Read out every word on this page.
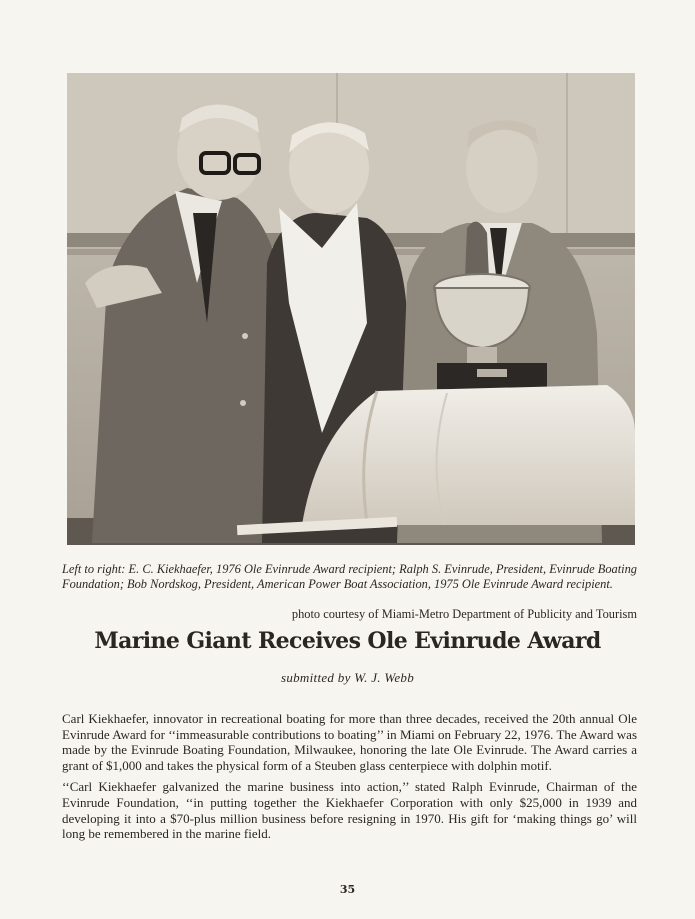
Left to right: E. C. Kiekhaefer, 1976 Ole Evinrude Award recipient; Ralph S. Evinrude, President, Evinrude Boating Foundation; Bob Nordskog, President, American Power Boat Association, 1975 Ole Evinrude Award recipient.
photo courtesy of Miami-Metro Department of Publicity and Tourism
Marine Giant Receives Ole Evinrude Award
submitted by W. J. Webb

Carl Kiekhaefer, innovator in recreational boating for more than three decades, received the 20th annual Ole Evinrude Award for ‘‘immeasurable contributions to boating’’ in Miami on February 22, 1976. The Award was made by the Evinrude Boating Foundation, Milwaukee, honoring the late Ole Evinrude. The Award carries a grant of $1,000 and takes the physical form of a Steuben glass centerpiece with dolphin motif.

‘‘Carl Kiekhaefer galvanized the marine business into action,’’ stated Ralph Evinrude, Chairman of the Evinrude Foundation, ‘‘in putting together the Kiekhaefer Corporation with only $25,000 in 1939 and developing it into a $70-plus million business before resigning in 1970. His gift for ‘making things go’ will long be remembered in the marine field.

35
